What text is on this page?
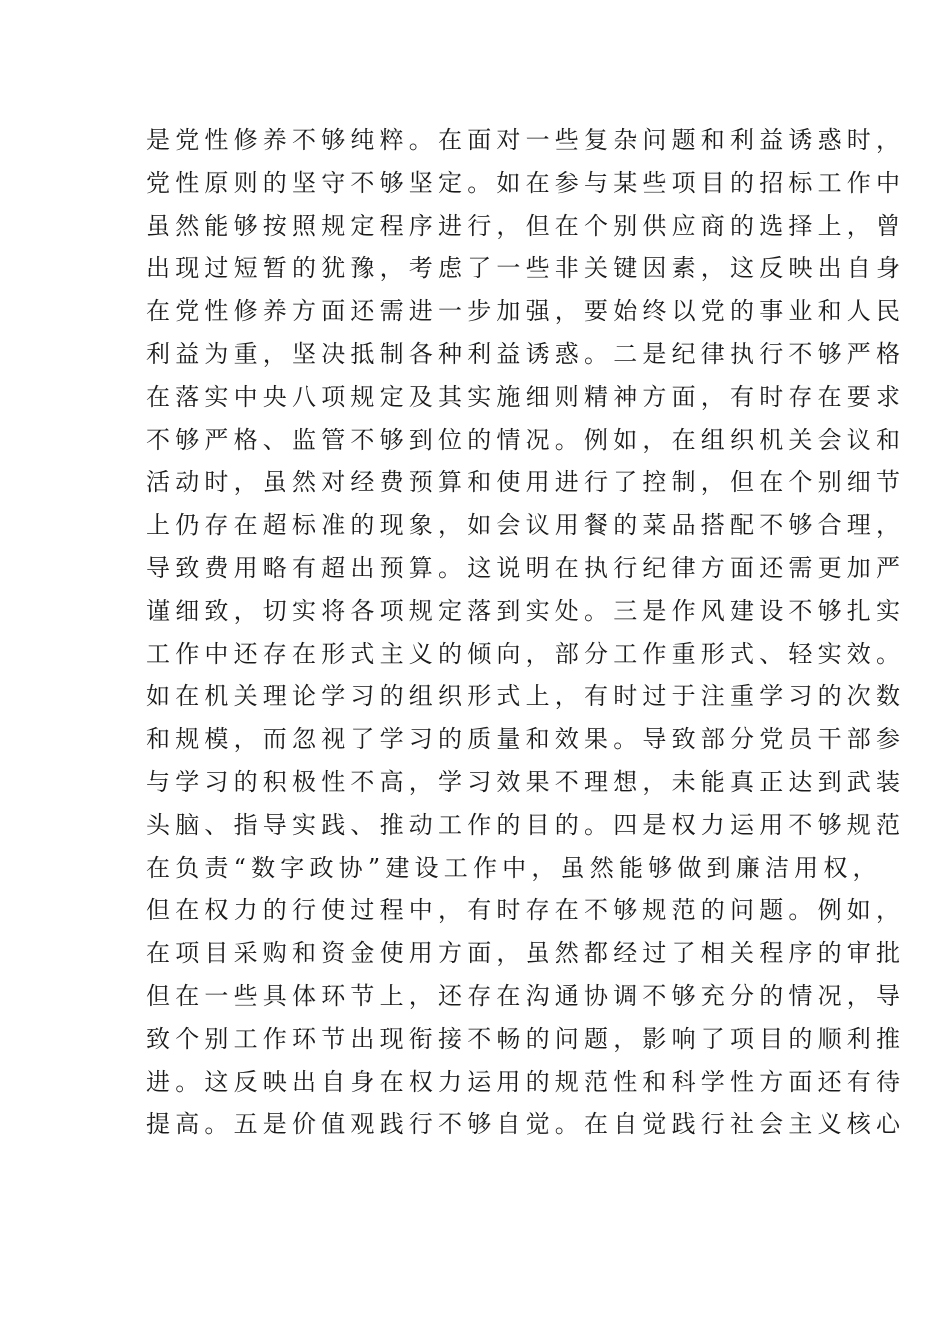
是党性修养不够纯粹。在面对一些复杂问题和利益诱惑时，
党性原则的坚守不够坚定。如在参与某些项目的招标工作中
虽然能够按照规定程序进行，但在个别供应商的选择上，曾
出现过短暂的犹豫，考虑了一些非关键因素，这反映出自身
在党性修养方面还需进一步加强，要始终以党的事业和人民
利益为重，坚决抵制各种利益诱惑。二是纪律执行不够严格
在落实中央八项规定及其实施细则精神方面，有时存在要求
不够严格、监管不够到位的情况。例如，在组织机关会议和
活动时，虽然对经费预算和使用进行了控制，但在个别细节
上仍存在超标准的现象，如会议用餐的菜品搭配不够合理，
导致费用略有超出预算。这说明在执行纪律方面还需更加严
谨细致，切实将各项规定落到实处。三是作风建设不够扎实
工作中还存在形式主义的倾向，部分工作重形式、轻实效。
如在机关理论学习的组织形式上，有时过于注重学习的次数
和规模，而忽视了学习的质量和效果。导致部分党员干部参
与学习的积极性不高，学习效果不理想，未能真正达到武装
头脑、指导实践、推动工作的目的。四是权力运用不够规范
在负责“数字政协”建设工作中，虽然能够做到廉洁用权，
但在权力的行使过程中，有时存在不够规范的问题。例如，
在项目采购和资金使用方面，虽然都经过了相关程序的审批
但在一些具体环节上，还存在沟通协调不够充分的情况，导
致个别工作环节出现衔接不畅的问题，影响了项目的顺利推
进。这反映出自身在权力运用的规范性和科学性方面还有待
提高。五是价值观践行不够自觉。在自觉践行社会主义核心
